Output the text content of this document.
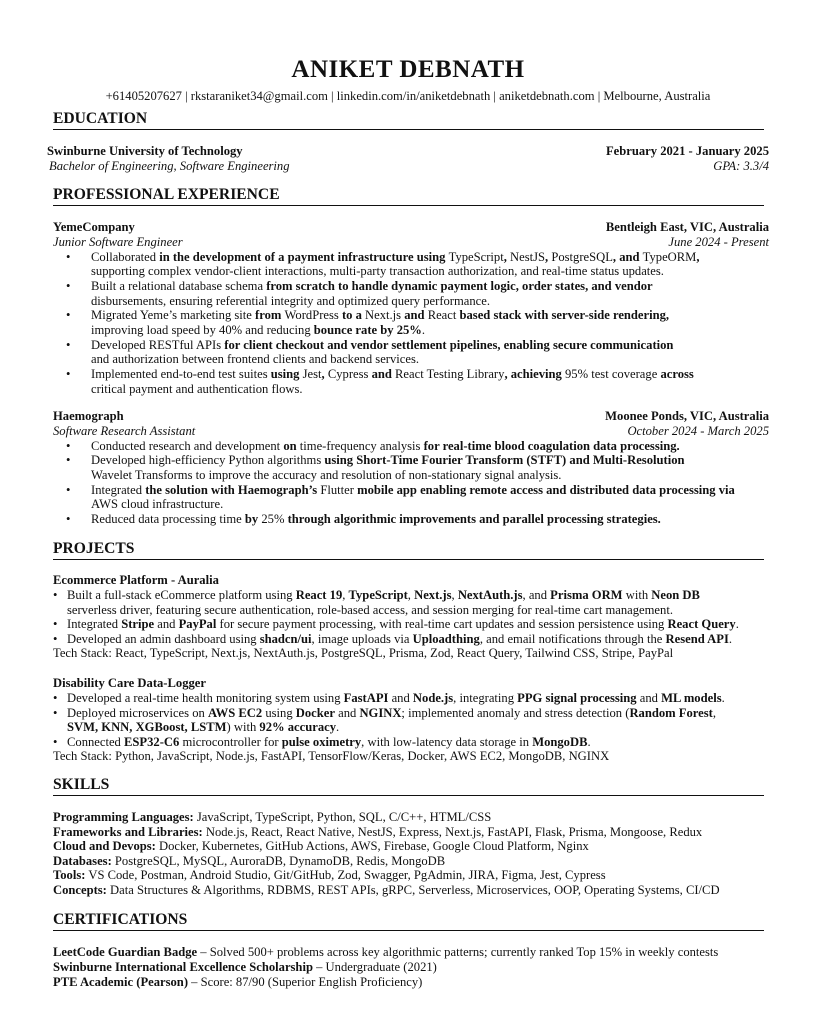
ANIKET DEBNATH
+61405207627 | rkstaraniket34@gmail.com | linkedin.com/in/aniketdebnath | aniketdebnath.com | Melbourne, Australia
EDUCATION
Swinburne University of Technology	February 2021 - January 2025
Bachelor of Engineering, Software Engineering	GPA: 3.3/4
PROFESSIONAL EXPERIENCE
YemeCompany	Bentleigh East, VIC, Australia
Junior Software Engineer	June 2024 - Present
• Collaborated in the development of a payment infrastructure using TypeScript, NestJS, PostgreSQL, and TypeORM,
supporting complex vendor-client interactions, multi-party transaction authorization, and real-time status updates.
• Built a relational database schema from scratch to handle dynamic payment logic, order states, and vendor
disbursements, ensuring referential integrity and optimized query performance.
• Migrated Yeme’s marketing site from WordPress to a Next.js and React based stack with server-side rendering,
improving load speed by 40% and reducing bounce rate by 25%.
• Developed RESTful APIs for client checkout and vendor settlement pipelines, enabling secure communication
and authorization between frontend clients and backend services.
• Implemented end-to-end test suites using Jest, Cypress and React Testing Library, achieving 95% test coverage across
critical payment and authentication flows.
Haemograph	Moonee Ponds, VIC, Australia
Software Research Assistant	October 2024 - March 2025
• Conducted research and development on time-frequency analysis for real-time blood coagulation data processing.
• Developed high-efficiency Python algorithms using Short-Time Fourier Transform (STFT) and Multi-Resolution
Wavelet Transforms to improve the accuracy and resolution of non-stationary signal analysis.
• Integrated the solution with Haemograph’s Flutter mobile app enabling remote access and distributed data processing via
AWS cloud infrastructure.
• Reduced data processing time by 25% through algorithmic improvements and parallel processing strategies.
PROJECTS
Ecommerce Platform - Auralia
• Built a full-stack eCommerce platform using React 19, TypeScript, Next.js, NextAuth.js, and Prisma ORM with Neon DB
serverless driver, featuring secure authentication, role-based access, and session merging for real-time cart management.
• Integrated Stripe and PayPal for secure payment processing, with real-time cart updates and session persistence using React Query.
• Developed an admin dashboard using shadcn/ui, image uploads via Uploadthing, and email notifications through the Resend API.
Tech Stack: React, TypeScript, Next.js, NextAuth.js, PostgreSQL, Prisma, Zod, React Query, Tailwind CSS, Stripe, PayPal
Disability Care Data-Logger
• Developed a real-time health monitoring system using FastAPI and Node.js, integrating PPG signal processing and ML models.
• Deployed microservices on AWS EC2 using Docker and NGINX; implemented anomaly and stress detection (Random Forest,
SVM, KNN, XGBoost, LSTM) with 92% accuracy.
• Connected ESP32-C6 microcontroller for pulse oximetry, with low-latency data storage in MongoDB.
Tech Stack: Python, JavaScript, Node.js, FastAPI, TensorFlow/Keras, Docker, AWS EC2, MongoDB, NGINX
SKILLS
Programming Languages: JavaScript, TypeScript, Python, SQL, C/C++, HTML/CSS
Frameworks and Libraries: Node.js, React, React Native, NestJS, Express, Next.js, FastAPI, Flask, Prisma, Mongoose, Redux
Cloud and Devops: Docker, Kubernetes, GitHub Actions, AWS, Firebase, Google Cloud Platform, Nginx
Databases: PostgreSQL, MySQL, AuroraDB, DynamoDB, Redis, MongoDB
Tools: VS Code, Postman, Android Studio, Git/GitHub, Zod, Swagger, PgAdmin, JIRA, Figma, Jest, Cypress
Concepts: Data Structures & Algorithms, RDBMS, REST APIs, gRPC, Serverless, Microservices, OOP, Operating Systems, CI/CD
CERTIFICATIONS
LeetCode Guardian Badge – Solved 500+ problems across key algorithmic patterns; currently ranked Top 15% in weekly contests
Swinburne International Excellence Scholarship – Undergraduate (2021)
PTE Academic (Pearson) – Score: 87/90 (Superior English Proficiency)
